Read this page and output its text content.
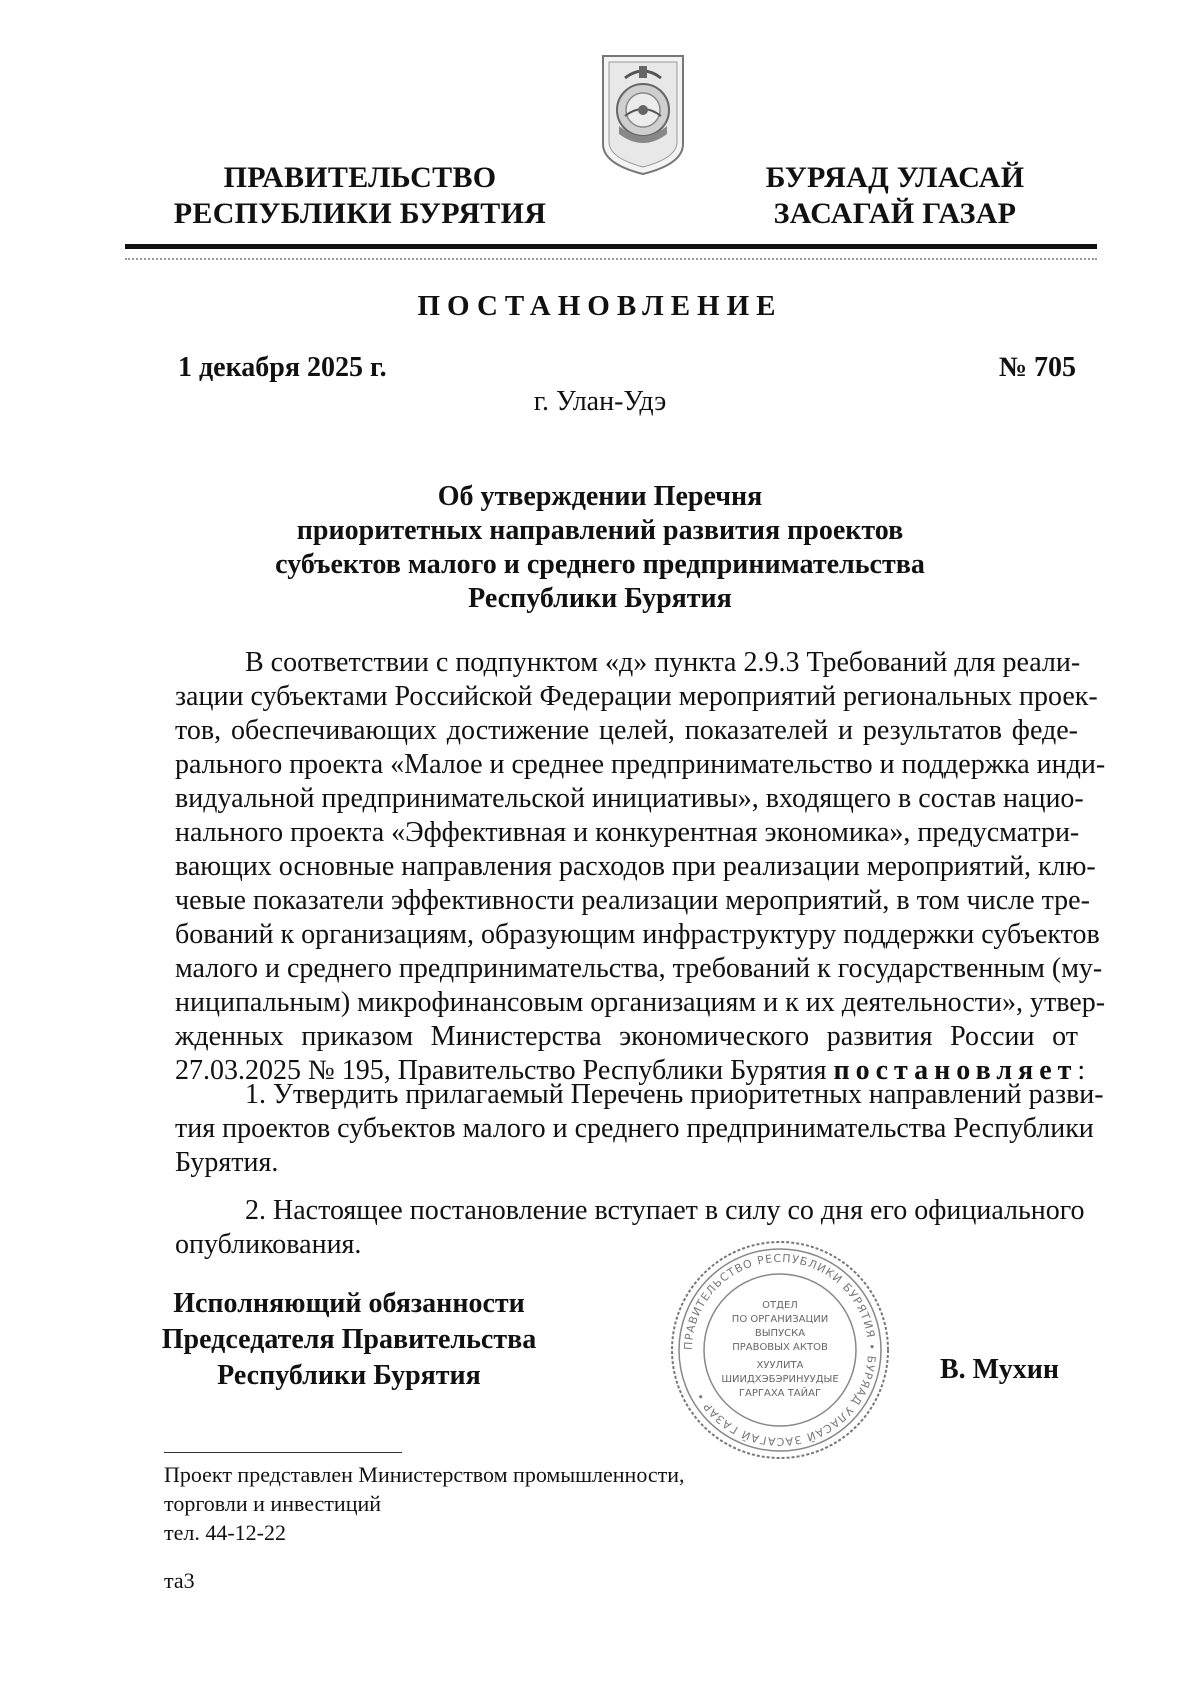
ПРАВИТЕЛЬСТВО
РЕСПУБЛИКИ БУРЯТИЯ
БУРЯАД УЛАСАЙ
ЗАСАГАЙ ГАЗАР
ПОСТАНОВЛЕНИЕ
1 декабря 2025 г.	№ 705
г. Улан-Удэ
Об утверждении Перечня
приоритетных направлений развития проектов
субъектов малого и среднего предпринимательства
Республики Бурятия
В соответствии с подпунктом «д» пункта 2.9.3 Требований для реали-
зации субъектами Российской Федерации мероприятий региональных проек-
тов, обеспечивающих достижение целей, показателей и результатов феде-
рального проекта «Малое и среднее предпринимательство и поддержка инди-
видуальной предпринимательской инициативы», входящего в состав нацио-
нального проекта «Эффективная и конкурентная экономика», предусматри-
вающих основные направления расходов при реализации мероприятий, клю-
чевые показатели эффективности реализации мероприятий, в том числе тре-
бований к организациям, образующим инфраструктуру поддержки субъектов
малого и среднего предпринимательства, требований к государственным (му-
ниципальным) микрофинансовым организациям и к их деятельности», утвер-
жденных приказом Министерства экономического развития России от
27.03.2025 № 195, Правительство Республики Бурятия постановляет:
1. Утвердить прилагаемый Перечень приоритетных направлений разви-
тия проектов субъектов малого и среднего предпринимательства Республики
Бурятия.
2. Настоящее постановление вступает в силу со дня его официального
опубликования.
Исполняющий обязанности
Председателя Правительства
Республики Бурятия
ПРАВИТЕЛЬСТВО РЕСПУБЛИКИ БУРЯТИЯ • БУРЯАД УЛАСАЙ ЗАСАГАЙ ГАЗАР •
ОТДЕЛ
ПО ОРГАНИЗАЦИИ
ВЫПУСКА
ПРАВОВЫХ АКТОВ
ХУУЛИТА
ШИИДХЭБЭРИНУУДЫЕ
ГАРГАХА ТАЙАГ
В. Мухин
Проект представлен Министерством промышленности,
торговли и инвестиций
тел. 44-12-22
та3
